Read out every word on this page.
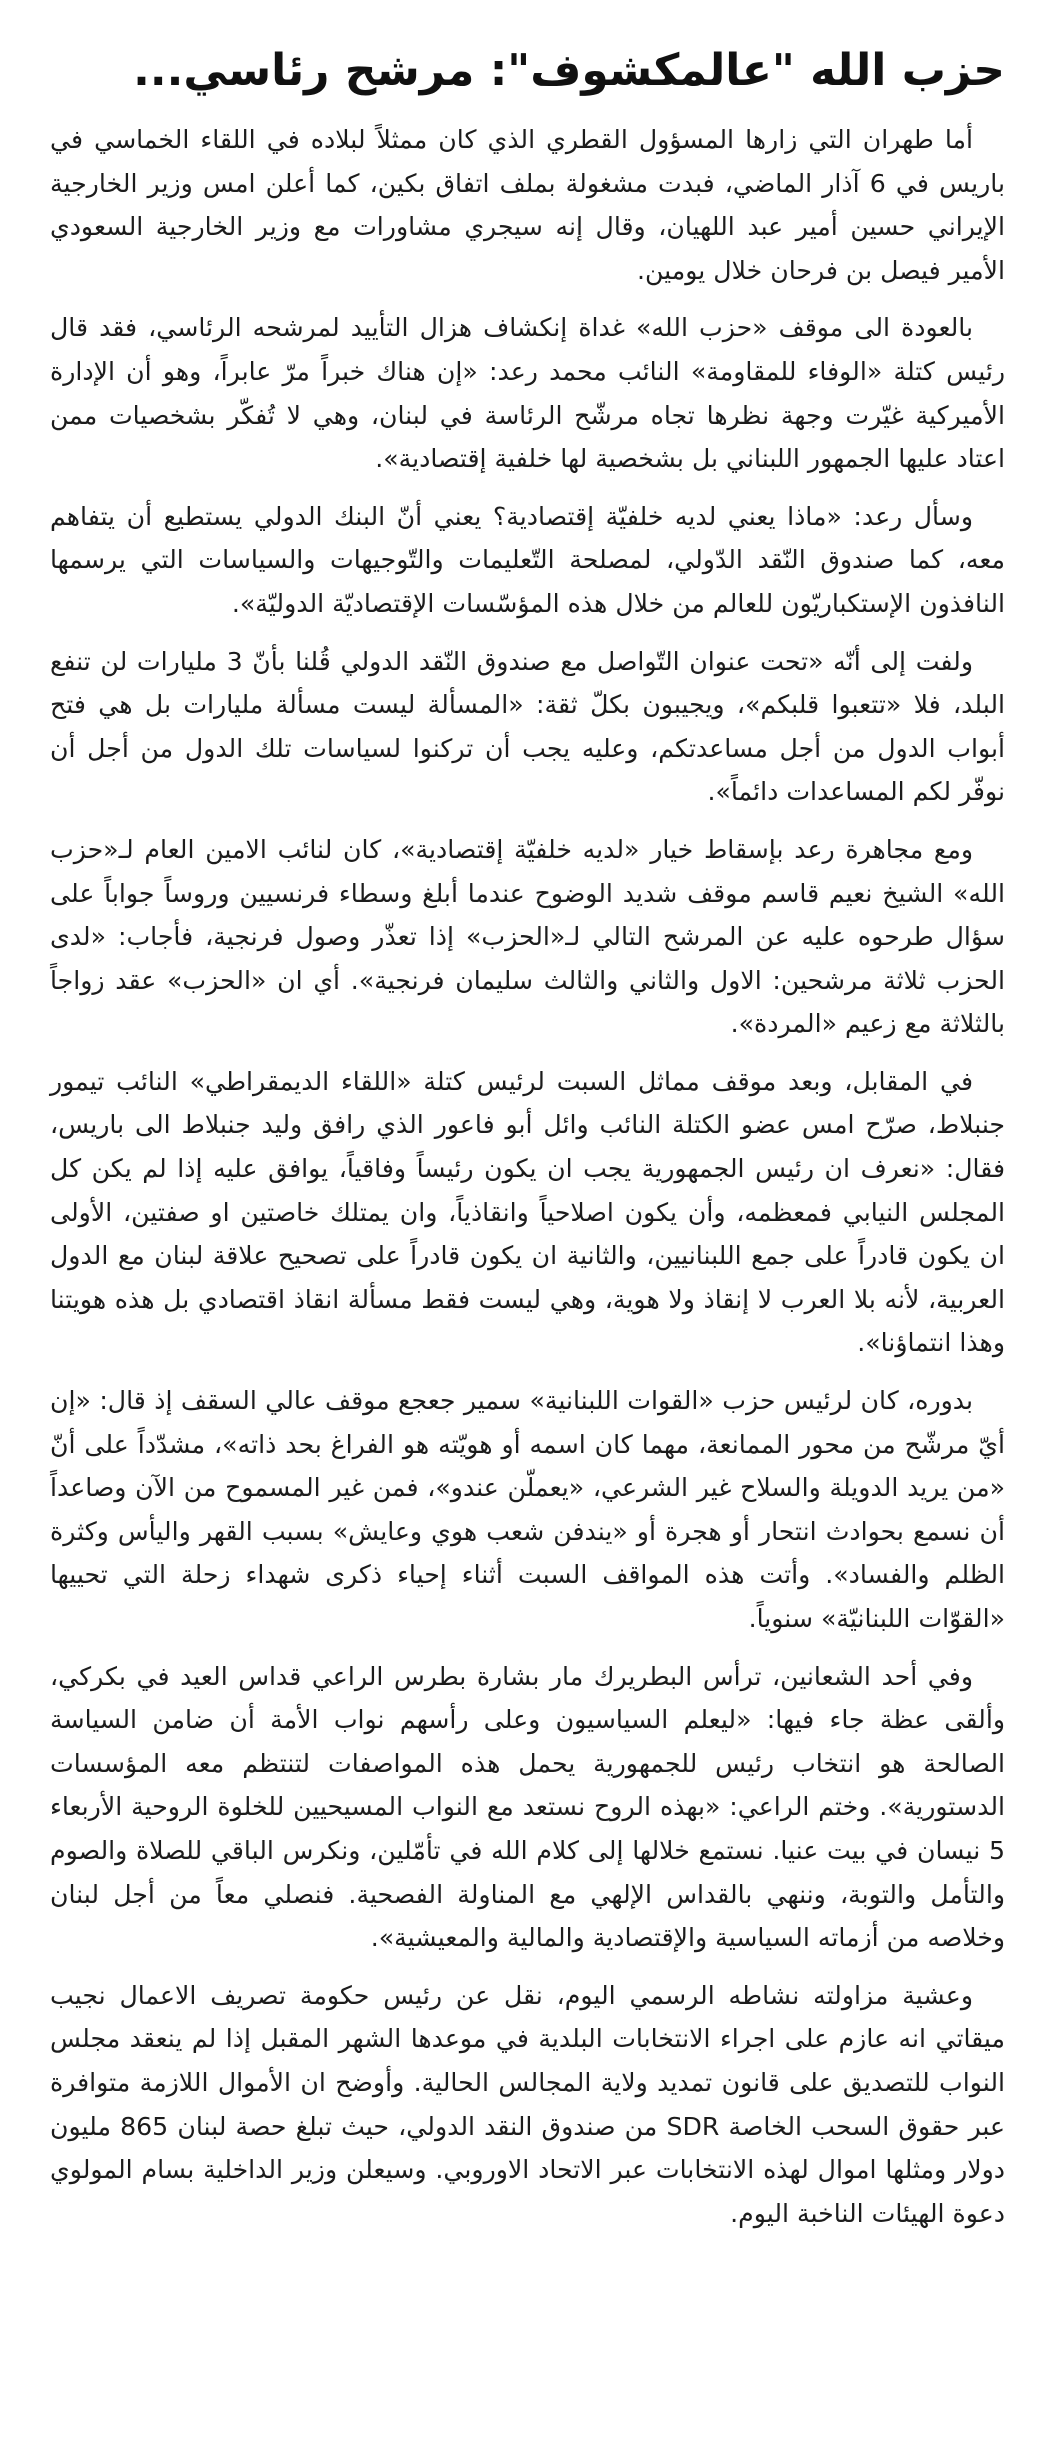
حزب الله "عالمكشوف": مرشح رئاسي...

أما طهران التي زارها المسؤول القطري الذي كان ممثلاً لبلاده في اللقاء الخماسي في باريس في 6 آذار الماضي، فبدت مشغولة بملف اتفاق بكين، كما أعلن امس وزير الخارجية الإيراني حسين أمير عبد اللهيان، وقال إنه سيجري مشاورات مع وزير الخارجية السعودي الأمير فيصل بن فرحان خلال يومين.

بالعودة الى موقف «حزب الله» غداة إنكشاف هزال التأييد لمرشحه الرئاسي، فقد قال رئيس كتلة «الوفاء للمقاومة» النائب محمد رعد: «إن هناك خبراً مرّ عابراً، وهو أن الإدارة الأميركية غيّرت وجهة نظرها تجاه مرشّح الرئاسة في لبنان، وهي لا تُفكّر بشخصيات ممن اعتاد عليها الجمهور اللبناني بل بشخصية لها خلفية إقتصادية».

وسأل رعد: «ماذا يعني لديه خلفيّة إقتصادية؟ يعني أنّ البنك الدولي يستطيع أن يتفاهم معه، كما صندوق النّقد الدّولي، لمصلحة التّعليمات والتّوجيهات والسياسات التي يرسمها النافذون الإستكباريّون للعالم من خلال هذه المؤسّسات الإقتصاديّة الدوليّة».

ولفت إلى أنّه «تحت عنوان التّواصل مع صندوق النّقد الدولي قُلنا بأنّ 3 مليارات لن تنفع البلد، فلا «تتعبوا قلبكم»، ويجيبون بكلّ ثقة: «المسألة ليست مسألة مليارات بل هي فتح أبواب الدول من أجل مساعدتكم، وعليه يجب أن تركنوا لسياسات تلك الدول من أجل أن نوفّر لكم المساعدات دائماً».

ومع مجاهرة رعد بإسقاط خيار «لديه خلفيّة إقتصادية»، كان لنائب الامين العام لـ«حزب الله» الشيخ نعيم قاسم موقف شديد الوضوح عندما أبلغ وسطاء فرنسيين وروساً جواباً على سؤال طرحوه عليه عن المرشح التالي لـ«الحزب» إذا تعذّر وصول فرنجية، فأجاب: «لدى الحزب ثلاثة مرشحين: الاول والثاني والثالث سليمان فرنجية». أي ان «الحزب» عقد زواجاً بالثلاثة مع زعيم «المردة».

في المقابل، وبعد موقف مماثل السبت لرئيس كتلة «اللقاء الديمقراطي» النائب تيمور جنبلاط، صرّح امس عضو الكتلة النائب وائل أبو فاعور الذي رافق وليد جنبلاط الى باريس، فقال: «نعرف ان رئيس الجمهورية يجب ان يكون رئيساً وفاقياً، يوافق عليه إذا لم يكن كل المجلس النيابي فمعظمه، وأن يكون اصلاحياً وانقاذياً، وان يمتلك خاصتين او صفتين، الأولى ان يكون قادراً على جمع اللبنانيين، والثانية ان يكون قادراً على تصحيح علاقة لبنان مع الدول العربية، لأنه بلا العرب لا إنقاذ ولا هوية، وهي ليست فقط مسألة انقاذ اقتصادي بل هذه هويتنا وهذا انتماؤنا».

بدوره، كان لرئيس حزب «القوات اللبنانية» سمير جعجع موقف عالي السقف إذ قال: «إن أيّ مرشّح من محور الممانعة، مهما كان اسمه أو هويّته هو الفراغ بحد ذاته»، مشدّداً على أنّ «من يريد الدويلة والسلاح غير الشرعي، «يعملّن عندو»، فمن غير المسموح من الآن وصاعداً أن نسمع بحوادث انتحار أو هجرة أو «يندفن شعب هوي وعايش» بسبب القهر واليأس وكثرة الظلم والفساد». وأتت هذه المواقف السبت أثناء إحياء ذكرى شهداء زحلة التي تحييها «القوّات اللبنانيّة» سنوياً.

وفي أحد الشعانين، ترأس البطريرك مار بشارة بطرس الراعي قداس العيد في بكركي، وألقى عظة جاء فيها: «ليعلم السياسيون وعلى رأسهم نواب الأمة أن ضامن السياسة الصالحة هو انتخاب رئيس للجمهورية يحمل هذه المواصفات لتنتظم معه المؤسسات الدستورية». وختم الراعي: «بهذه الروح نستعد مع النواب المسيحيين للخلوة الروحية الأربعاء 5 نيسان في بيت عنيا. نستمع خلالها إلى كلام الله في تأمّلين، ونكرس الباقي للصلاة والصوم والتأمل والتوبة، وننهي بالقداس الإلهي مع المناولة الفصحية. فنصلي معاً من أجل لبنان وخلاصه من أزماته السياسية والإقتصادية والمالية والمعيشية».

وعشية مزاولته نشاطه الرسمي اليوم، نقل عن رئيس حكومة تصريف الاعمال نجيب ميقاتي انه عازم على اجراء الانتخابات البلدية في موعدها الشهر المقبل إذا لم ينعقد مجلس النواب للتصديق على قانون تمديد ولاية المجالس الحالية. وأوضح ان الأموال اللازمة متوافرة عبر حقوق السحب الخاصة SDR من صندوق النقد الدولي، حيث تبلغ حصة لبنان 865 مليون دولار ومثلها اموال لهذه الانتخابات عبر الاتحاد الاوروبي. وسيعلن وزير الداخلية بسام المولوي دعوة الهيئات الناخبة اليوم.
